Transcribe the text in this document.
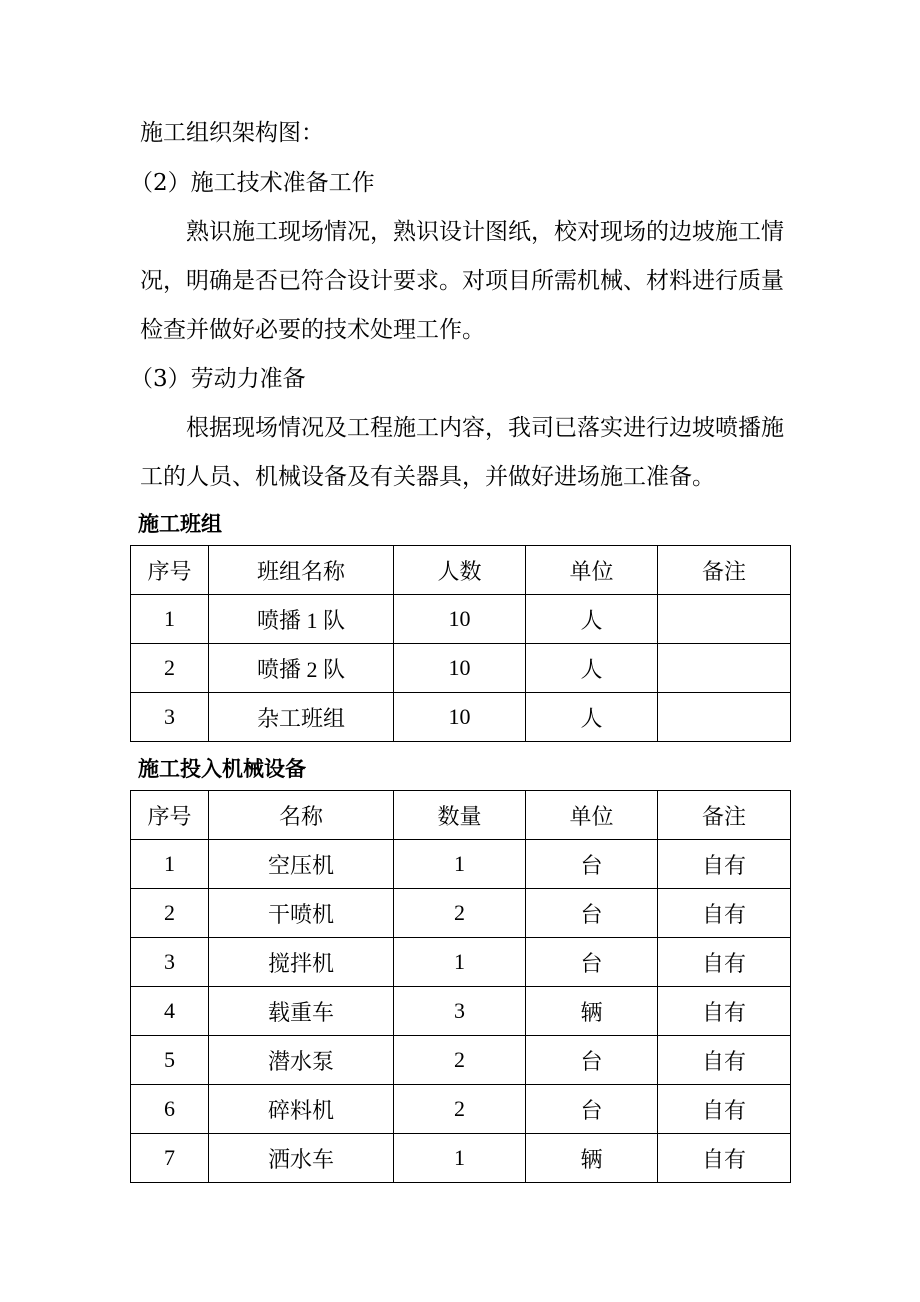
施工组织架构图：

（2）施工技术准备工作

熟识施工现场情况，熟识设计图纸，校对现场的边坡施工情

况，明确是否已符合设计要求。对项目所需机械、材料进行质量

检查并做好必要的技术处理工作。

（3）劳动力准备

根据现场情况及工程施工内容，我司已落实进行边坡喷播施

工的人员、机械设备及有关器具，并做好进场施工准备。

施工班组

序号	班组名称	人数	单位	备注
1	喷播 1 队	10	人	
2	喷播 2 队	10	人	
3	杂工班组	10	人	

施工投入机械设备

序号	名称	数量	单位	备注
1	空压机	1	台	自有
2	干喷机	2	台	自有
3	搅拌机	1	台	自有
4	载重车	3	辆	自有
5	潜水泵	2	台	自有
6	碎料机	2	台	自有
7	洒水车	1	辆	自有
